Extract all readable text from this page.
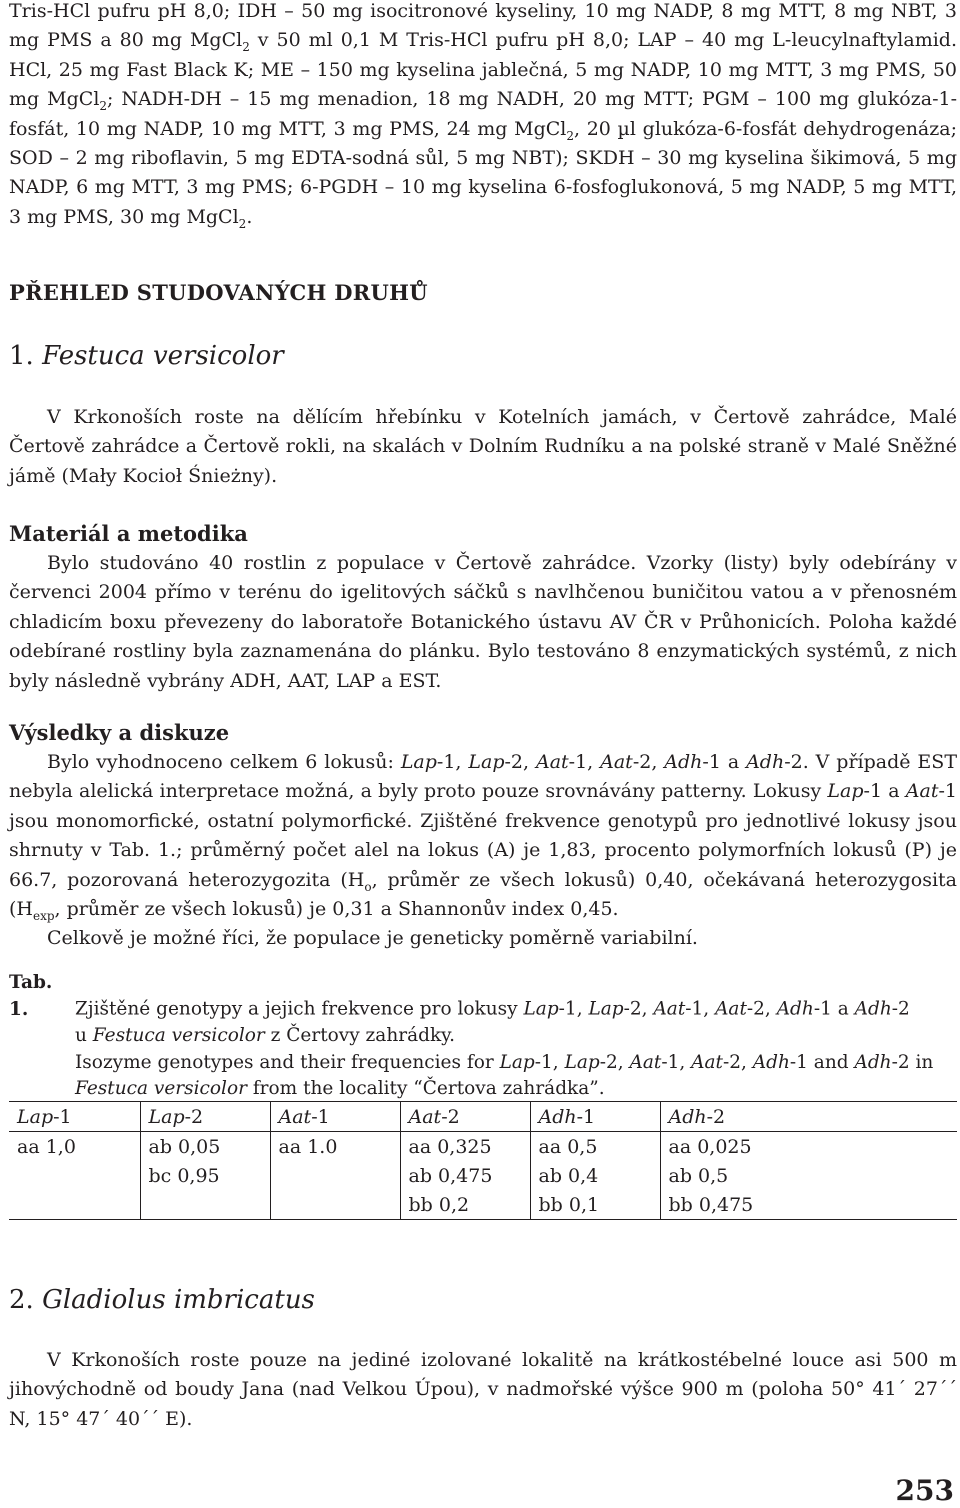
Tris-HCl pufru pH 8,0; IDH – 50 mg isocitronové kyseliny, 10 mg NADP, 8 mg MTT, 8 mg NBT, 3 mg PMS a 80 mg MgCl$_2$ v 50 ml 0,1 M Tris-HCl pufru pH 8,0; LAP – 40 mg L-leucylnaftylamid. HCl, 25 mg Fast Black K; ME – 150 mg kyselina jablečná, 5 mg NADP, 10 mg MTT, 3 mg PMS, 50 mg MgCl$_2$; NADH-DH – 15 mg menadion, 18 mg NADH, 20 mg MTT; PGM – 100 mg glukóza-1-fosfát, 10 mg NADP, 10 mg MTT, 3 mg PMS, 24 mg MgCl$_2$, 20 µl glukóza-6-fosfát dehydrogenáza; SOD – 2 mg riboflavin, 5 mg EDTA-sodná sůl, 5 mg NBT); SKDH – 30 mg kyselina šikimová, 5 mg NADP, 6 mg MTT, 3 mg PMS; 6-PGDH – 10 mg kyselina 6-fosfoglukonová, 5 mg NADP, 5 mg MTT, 3 mg PMS, 30 mg MgCl$_2$.

PŘEHLED STUDOVANÝCH DRUHŮ
1. Festuca versicolor

V Krkonoších roste na dělícím hřebínku v Kotelních jamách, v Čertově zahrádce, Malé Čertově zahrádce a Čertově rokli, na skalách v Dolním Rudníku a na polské straně v Malé Sněžné jámě (Mały Kocioł Śnieżny).

Materiál a metodika

Bylo studováno 40 rostlin z populace v Čertově zahrádce. Vzorky (listy) byly odebírány v červenci 2004 přímo v terénu do igelitových sáčků s navlhčenou buničitou vatou a v přenosném chladicím boxu převezeny do laboratoře Botanického ústavu AV ČR v Průhonicích. Poloha každé odebírané rostliny byla zaznamenána do plánku. Bylo testováno 8 enzymatických systémů, z nich byly následně vybrány ADH, AAT, LAP a EST.

Výsledky a diskuze

Bylo vyhodnoceno celkem 6 lokusů: Lap-1, Lap-2, Aat-1, Aat-2, Adh-1 a Adh-2. V případě EST nebyla alelická interpretace možná, a byly proto pouze srovnávány patterny. Lokusy Lap-1 a Aat-1 jsou monomorfické, ostatní polymorfické. Zjištěné frekvence genotypů pro jednotlivé lokusy jsou shrnuty v Tab. 1.; průměrný počet alel na lokus (A) je 1,83, procento polymorfních lokusů (P) je 66.7, pozorovaná heterozygozita ($H_o$, průměr ze všech lokusů) 0,40, očekávaná heterozygosita ($H_{exp}$, průměr ze všech lokusů) je 0,31 a Shannonův index 0,45.

Celkově je možné říci, že populace je geneticky poměrně variabilní.

Tab. 1.	Zjištěné genotypy a jejich frekvence pro lokusy Lap-1, Lap-2, Aat-1, Aat-2, Adh-1 a Adh-2
u Festuca versicolor z Čertovy zahrádky.
Isozyme genotypes and their frequencies for Lap-1, Lap-2, Aat-1, Aat-2, Adh-1 and Adh-2 in
Festuca versicolor from the locality “Čertova zahrádka”.
Lap-1	Lap-2	Aat-1	Aat-2	Adh-1	Adh-2
aa 1,0	ab 0,05	aa 1.0	aa 0,325	aa 0,5	aa 0,025
	bc 0,95		ab 0,475	ab 0,4	ab 0,5
			bb 0,2	bb 0,1	bb 0,475
2. Gladiolus imbricatus

V Krkonoších roste pouze na jediné izolované lokalitě na krátkostébelné louce asi 500 m jihovýchodně od boudy Jana (nad Velkou Úpou), v nadmořské výšce 900 m (poloha 50° 41´ 27´´ N, 15° 47´ 40´´ E).

253
